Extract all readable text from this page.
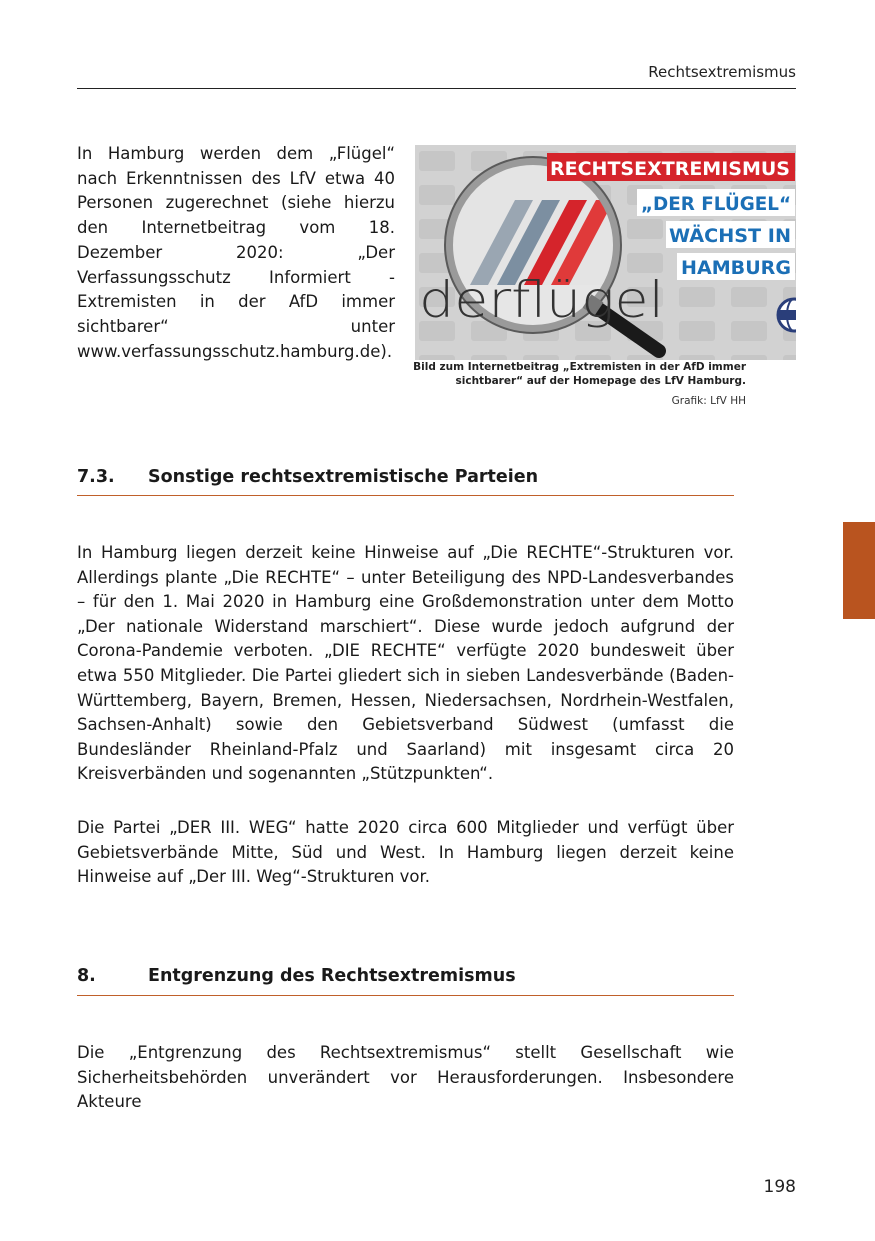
Rechtsextremismus

In Hamburg werden dem „Flügel“ nach Erkenntnissen des LfV etwa 40 Personen zugerechnet (siehe hierzu den Internetbeitrag vom 18. Dezember 2020: „Der Verfassungsschutz Informiert - Extremisten in der AfD immer sichtbarer“ unter www.verfassungsschutz.hamburg.de).

derflügel
RECHTSEXTREMISMUS
„DER FLÜGEL“
WÄCHST IN
HAMBURG
Bild zum Internetbeitrag „Extremisten in der AfD immer sichtbarer“ auf der Homepage des LfV Hamburg.
Grafik: LfV HH
7.3. Sonstige rechtsextremistische Parteien

In Hamburg liegen derzeit keine Hinweise auf „Die RECHTE“-Strukturen vor. Allerdings plante „Die RECHTE“ – unter Beteiligung des NPD-Landesverbandes – für den 1. Mai 2020 in Hamburg eine Großdemonstration unter dem Motto „Der nationale Widerstand marschiert“. Diese wurde jedoch aufgrund der Corona-Pandemie verboten. „DIE RECHTE“ verfügte 2020 bundesweit über etwa 550 Mitglieder. Die Partei gliedert sich in sieben Landesverbände (Baden-Württemberg, Bayern, Bremen, Hessen, Niedersachsen, Nordrhein-Westfalen, Sachsen-Anhalt) sowie den Gebietsverband Südwest (umfasst die Bundesländer Rheinland-Pfalz und Saarland) mit insgesamt circa 20 Kreisverbänden und sogenannten „Stützpunkten“.

Die Partei „DER III. WEG“ hatte 2020 circa 600 Mitglieder und verfügt über Gebietsverbände Mitte, Süd und West. In Hamburg liegen derzeit keine Hinweise auf „Der III. Weg“-Strukturen vor.

8.	Entgrenzung des Rechtsextremismus

Die „Entgrenzung des Rechtsextremismus“ stellt Gesellschaft wie Sicherheitsbehörden unverändert vor Herausforderungen. Insbesondere Akteure

198
